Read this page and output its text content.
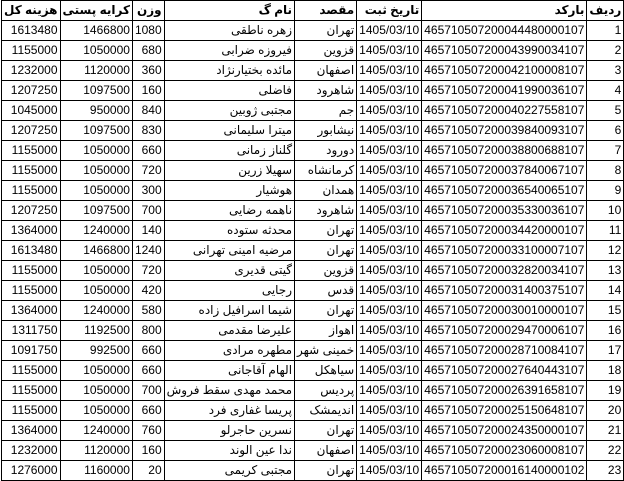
ردیف	بارکد	تاریخ ثبت	مقصد	نام گ	وزن	کرایه پستی	هزینه کل
1	465710507200044480000107	1405/03/10	تهران	زهره ناطقی	1080	1466800	1613480
2	465710507200043990034107	1405/03/10	قزوین	فیروزه ضرابی	680	1050000	1155000
3	465710507200042100008107	1405/03/10	اصفهان	مائده بختیارنژاد	360	1120000	1232000
4	465710507200041990036107	1405/03/10	شاهرود	فاضلی	160	1097500	1207250
5	465710507200040227558107	1405/03/10	جم	مجتبی ژوبین	840	950000	1045000
6	465710507200039840093107	1405/03/10	نیشابور	میترا سلیمانی	830	1097500	1207250
7	465710507200038800688107	1405/03/10	دورود	گلناز زمانی	660	1050000	1155000
8	465710507200037840067107	1405/03/10	کرمانشاه	سهیلا زرین	720	1050000	1155000
9	465710507200036540065107	1405/03/10	همدان	هوشیار	300	1050000	1155000
10	465710507200035330036107	1405/03/10	شاهرود	ناهمه رضایی	700	1097500	1207250
11	465710507200034420000107	1405/03/10	تهران	محدثه ستوده	140	1240000	1364000
12	465710507200033100007107	1405/03/10	تهران	مرضیه امینی تهرانی	1240	1466800	1613480
13	465710507200032820034107	1405/03/10	قزوین	گیتی قدیری	720	1050000	1155000
14	465710507200031400375107	1405/03/10	قدس	رجایی	420	1050000	1155000
15	465710507200030010000107	1405/03/10	تهران	شیما اسرافیل زاده	580	1240000	1364000
16	465710507200029470006107	1405/03/10	اهواز	علیرضا مقدمی	800	1192500	1311750
17	465710507200028710084107	1405/03/10	خمینی شهر	مطهره مرادی	660	992500	1091750
18	465710507200027640443107	1405/03/10	سیاهکل	الهام آقاجانی	660	1050000	1155000
19	465710507200026391658107	1405/03/10	پردیس	محمد مهدی سقط فروش	700	1050000	1155000
20	465710507200025150648107	1405/03/10	اندیمشک	پریسا غفاری فرد	660	1050000	1155000
21	465710507200024350000107	1405/03/10	تهران	نسرین حاجرلو	760	1240000	1364000
22	465710507200023060008107	1405/03/10	اصفهان	ندا عین الوند	160	1120000	1232000
23	465710507200016140000102	1405/03/10	تهران	مجتبی کریمی	20	1160000	1276000
